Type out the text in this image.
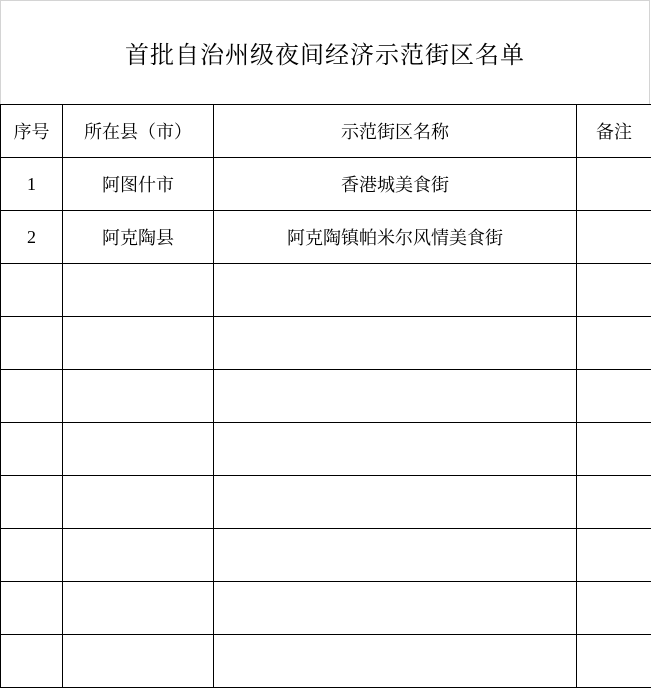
首批自治州级夜间经济示范街区名单
序号	所在县（市）	示范街区名称	备注
1	阿图什市	香港城美食街	
2	阿克陶县	阿克陶镇帕米尔风情美食街	
